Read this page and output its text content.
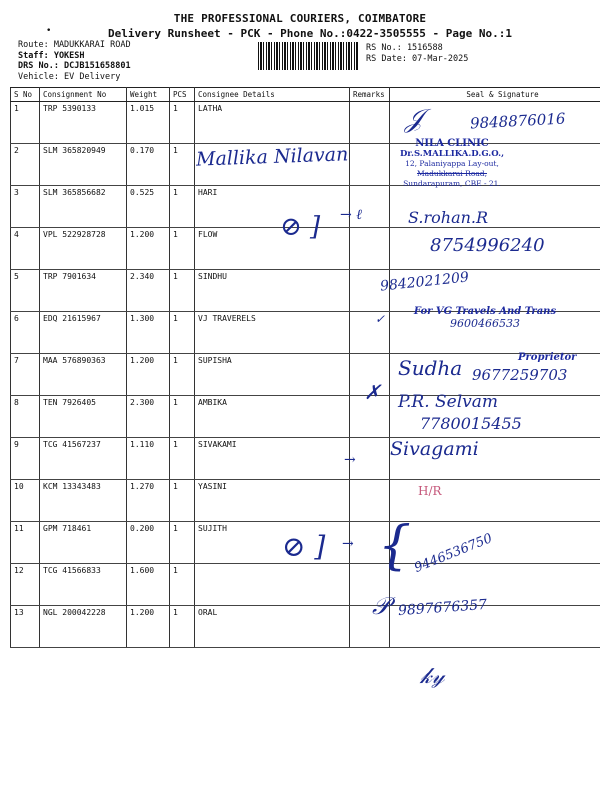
•
THE PROFESSIONAL COURIERS, COIMBATORE
Delivery Runsheet - PCK - Phone No.:0422-3505555 - Page No.:1
Route: MADUKKARAI ROAD
Staff: YOKESH
DRS No.: DCJB151658801
Vehicle: EV Delivery
RS No.: 1516588
RS Date: 07-Mar-2025
S No	Consignment No	Weight	PCS	Consignee Details	Remarks	Seal & Signature
1	TRP 5390133	1.015	1	LATHA		
2	SLM 365820949	0.170	1			
3	SLM 365856682	0.525	1	HARI		
4	VPL 522928728	1.200	1	FLOW		
5	TRP 7901634	2.340	1	SINDHU		
6	EDQ 21615967	1.300	1	VJ TRAVERELS		
7	MAA 576890363	1.200	1	SUPISHA		
8	TEN 7926405	2.300	1	AMBIKA		
9	TCG 41567237	1.110	1	SIVAKAMI		
10	KCM 13343483	1.270	1	YASINI		
11	GPM 718461	0.200	1	SUJITH		
12	TCG 41566833	1.600	1			
13	NGL 200042228	1.200	1	ORAL		
9848876016
𝒥
Mallika Nilavan	NILA CLINIC
Dr.S.MALLIKA.D.G.O.,
12, Palaniyappa Lay-out,
Madukkarai Road,
Sundarapuram, CBE - 21.
S.rohan.R
⊘ ] → ℓ
8754996240
9842021209
For VG Travels And Trans
9600466533
✓
Proprietor
Sudha 9677259703
✗ P.R. Selvam
7780015455
→ Sivagami
H/R
⊘ ] → { 9446536750
𝒫 9897676357
𝓀𝓎
